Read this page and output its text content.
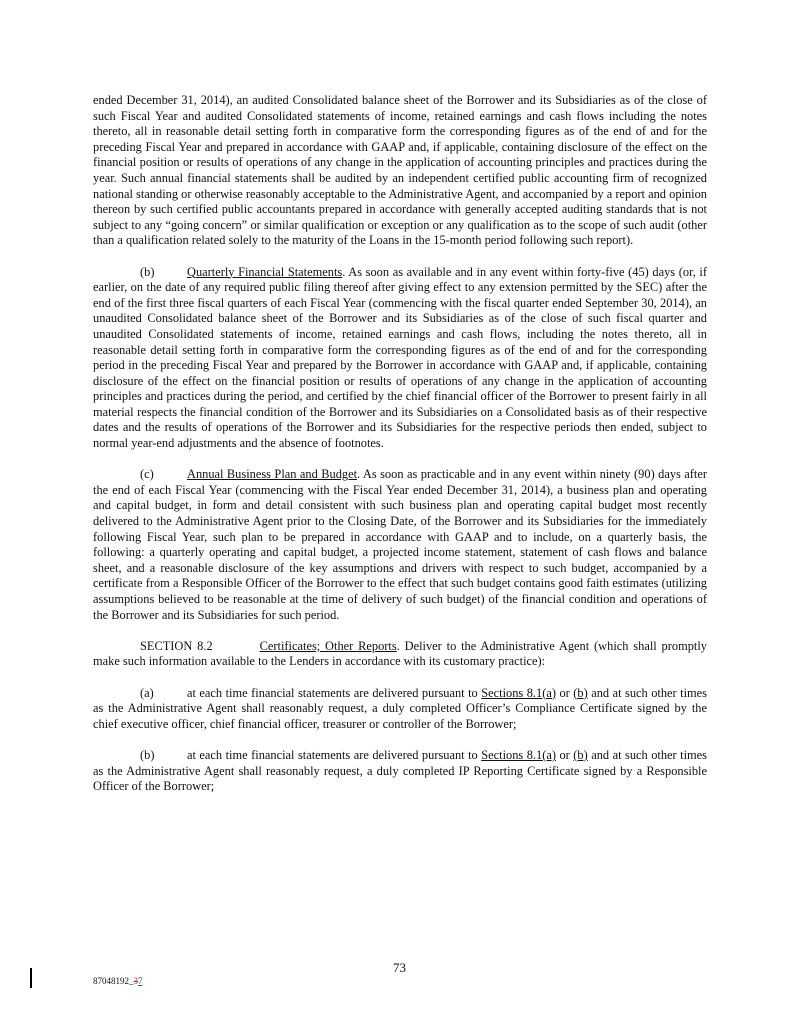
ended December 31, 2014), an audited Consolidated balance sheet of the Borrower and its Subsidiaries as of the close of such Fiscal Year and audited Consolidated statements of income, retained earnings and cash flows including the notes thereto, all in reasonable detail setting forth in comparative form the corresponding figures as of the end of and for the preceding Fiscal Year and prepared in accordance with GAAP and, if applicable, containing disclosure of the effect on the financial position or results of operations of any change in the application of accounting principles and practices during the year. Such annual financial statements shall be audited by an independent certified public accounting firm of recognized national standing or otherwise reasonably acceptable to the Administrative Agent, and accompanied by a report and opinion thereon by such certified public accountants prepared in accordance with generally accepted auditing standards that is not subject to any “going concern” or similar qualification or exception or any qualification as to the scope of such audit (other than a qualification related solely to the maturity of the Loans in the 15-month period following such report).

(b)	Quarterly Financial Statements. As soon as available and in any event within forty-five (45) days (or, if earlier, on the date of any required public filing thereof after giving effect to any extension permitted by the SEC) after the end of the first three fiscal quarters of each Fiscal Year (commencing with the fiscal quarter ended September 30, 2014), an unaudited Consolidated balance sheet of the Borrower and its Subsidiaries as of the close of such fiscal quarter and unaudited Consolidated statements of income, retained earnings and cash flows, including the notes thereto, all in reasonable detail setting forth in comparative form the corresponding figures as of the end of and for the corresponding period in the preceding Fiscal Year and prepared by the Borrower in accordance with GAAP and, if applicable, containing disclosure of the effect on the financial position or results of operations of any change in the application of accounting principles and practices during the period, and certified by the chief financial officer of the Borrower to present fairly in all material respects the financial condition of the Borrower and its Subsidiaries on a Consolidated basis as of their respective dates and the results of operations of the Borrower and its Subsidiaries for the respective periods then ended, subject to normal year-end adjustments and the absence of footnotes.

(c)	Annual Business Plan and Budget. As soon as practicable and in any event within ninety (90) days after the end of each Fiscal Year (commencing with the Fiscal Year ended December 31, 2014), a business plan and operating and capital budget, in form and detail consistent with such business plan and operating capital budget most recently delivered to the Administrative Agent prior to the Closing Date, of the Borrower and its Subsidiaries for the immediately following Fiscal Year, such plan to be prepared in accordance with GAAP and to include, on a quarterly basis, the following: a quarterly operating and capital budget, a projected income statement, statement of cash flows and balance sheet, and a reasonable disclosure of the key assumptions and drivers with respect to such budget, accompanied by a certificate from a Responsible Officer of the Borrower to the effect that such budget contains good faith estimates (utilizing assumptions believed to be reasonable at the time of delivery of such budget) of the financial condition and operations of the Borrower and its Subsidiaries for such period.

SECTION 8.2	Certificates; Other Reports. Deliver to the Administrative Agent (which shall promptly make such information available to the Lenders in accordance with its customary practice):

(a)	at each time financial statements are delivered pursuant to Sections 8.1(a) or (b) and at such other times as the Administrative Agent shall reasonably request, a duly completed Officer’s Compliance Certificate signed by the chief executive officer, chief financial officer, treasurer or controller of the Borrower;

(b)	at each time financial statements are delivered pursuant to Sections 8.1(a) or (b) and at such other times as the Administrative Agent shall reasonably request, a duly completed IP Reporting Certificate signed by a Responsible Officer of the Borrower;

73
87048192_37
